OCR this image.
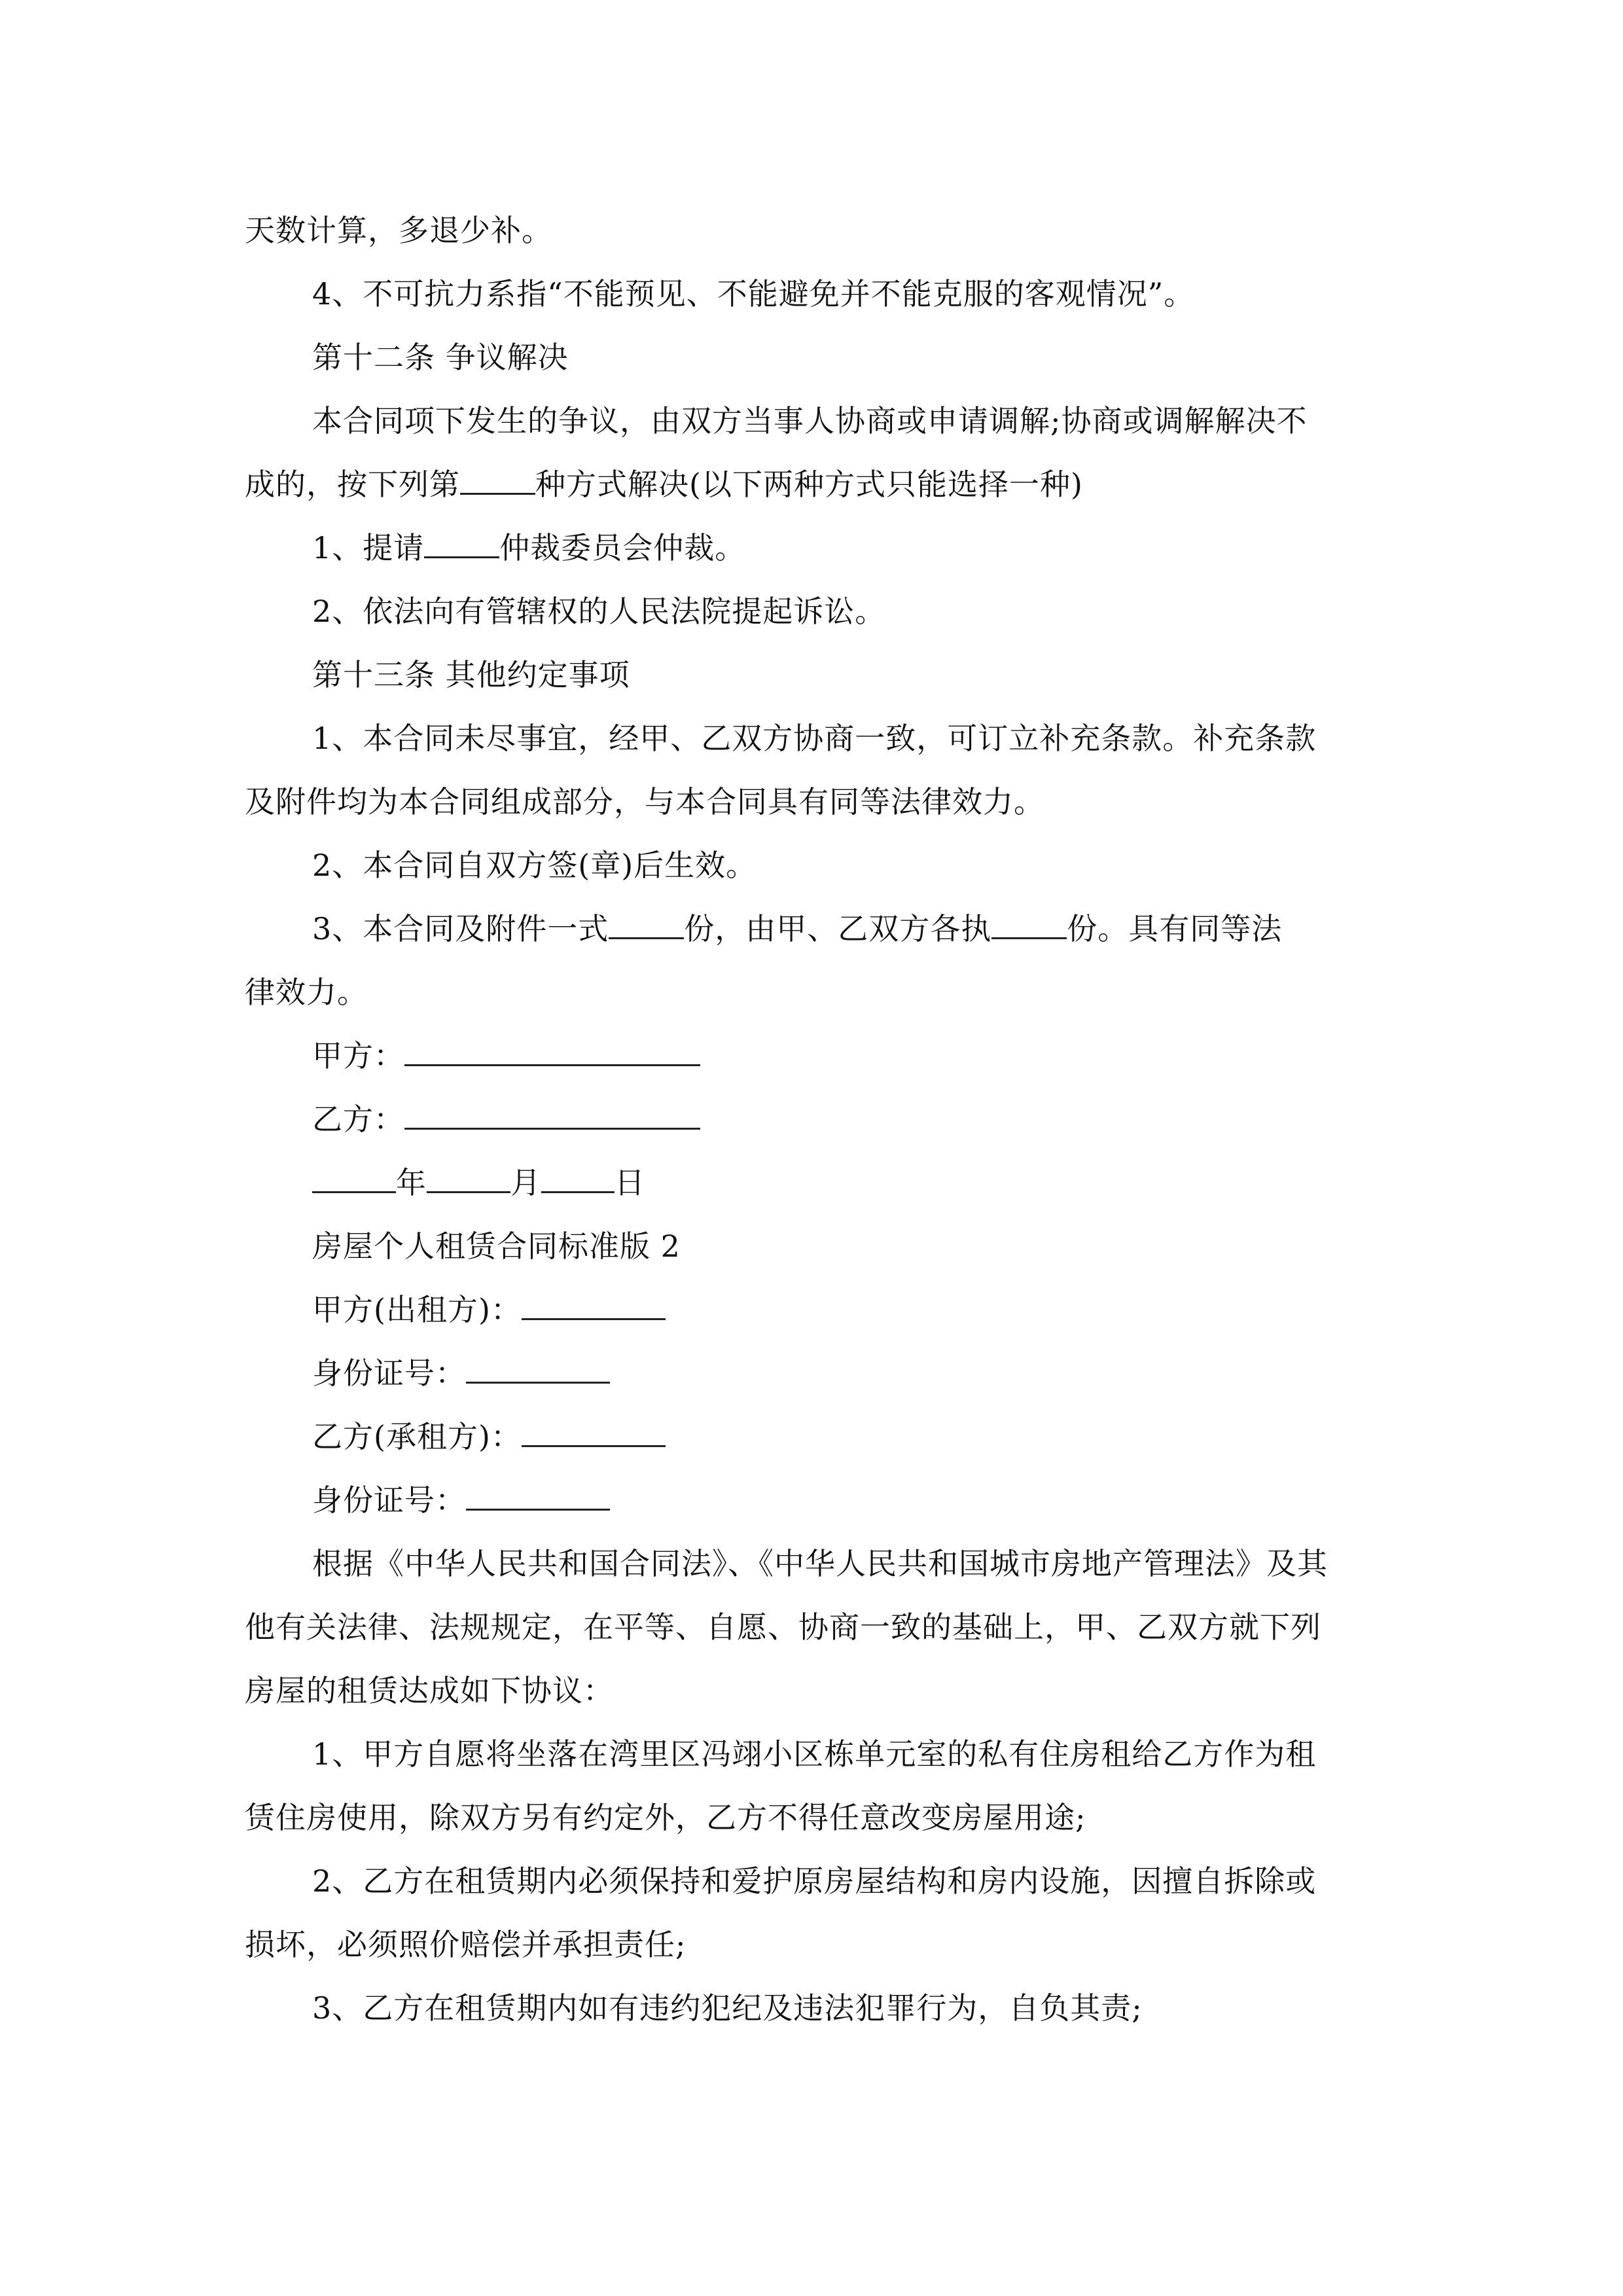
天数计算，多退少补。
4、不可抗力系指“不能预见、不能避免并不能克服的客观情况”。
第十二条 争议解决
本合同项下发生的争议，由双方当事人协商或申请调解;协商或调解解决不
成的，按下列第	种方式解决(以下两种方式只能选择一种)
1、提请	仲裁委员会仲裁。
2、依法向有管辖权的人民法院提起诉讼。
第十三条 其他约定事项
1、本合同未尽事宜，经甲、乙双方协商一致，可订立补充条款。补充条款
及附件均为本合同组成部分，与本合同具有同等法律效力。
2、本合同自双方签(章)后生效。
3、本合同及附件一式	份，由甲、乙双方各执	份。具有同等法
律效力。
甲方：
乙方：
年	月 日
房屋个人租赁合同标准版 2
甲方(出租方)：
身份证号：
乙方(承租方)：
身份证号：
根据《中华人民共和国合同法》、《中华人民共和国城市房地产管理法》及其
他有关法律、法规规定，在平等、自愿、协商一致的基础上，甲、乙双方就下列
房屋的租赁达成如下协议：
1、甲方自愿将坐落在湾里区冯翊小区栋单元室的私有住房租给乙方作为租
赁住房使用，除双方另有约定外，乙方不得任意改变房屋用途;
2、乙方在租赁期内必须保持和爱护原房屋结构和房内设施，因擅自拆除或
损坏，必须照价赔偿并承担责任;
3、乙方在租赁期内如有违约犯纪及违法犯罪行为，自负其责;
